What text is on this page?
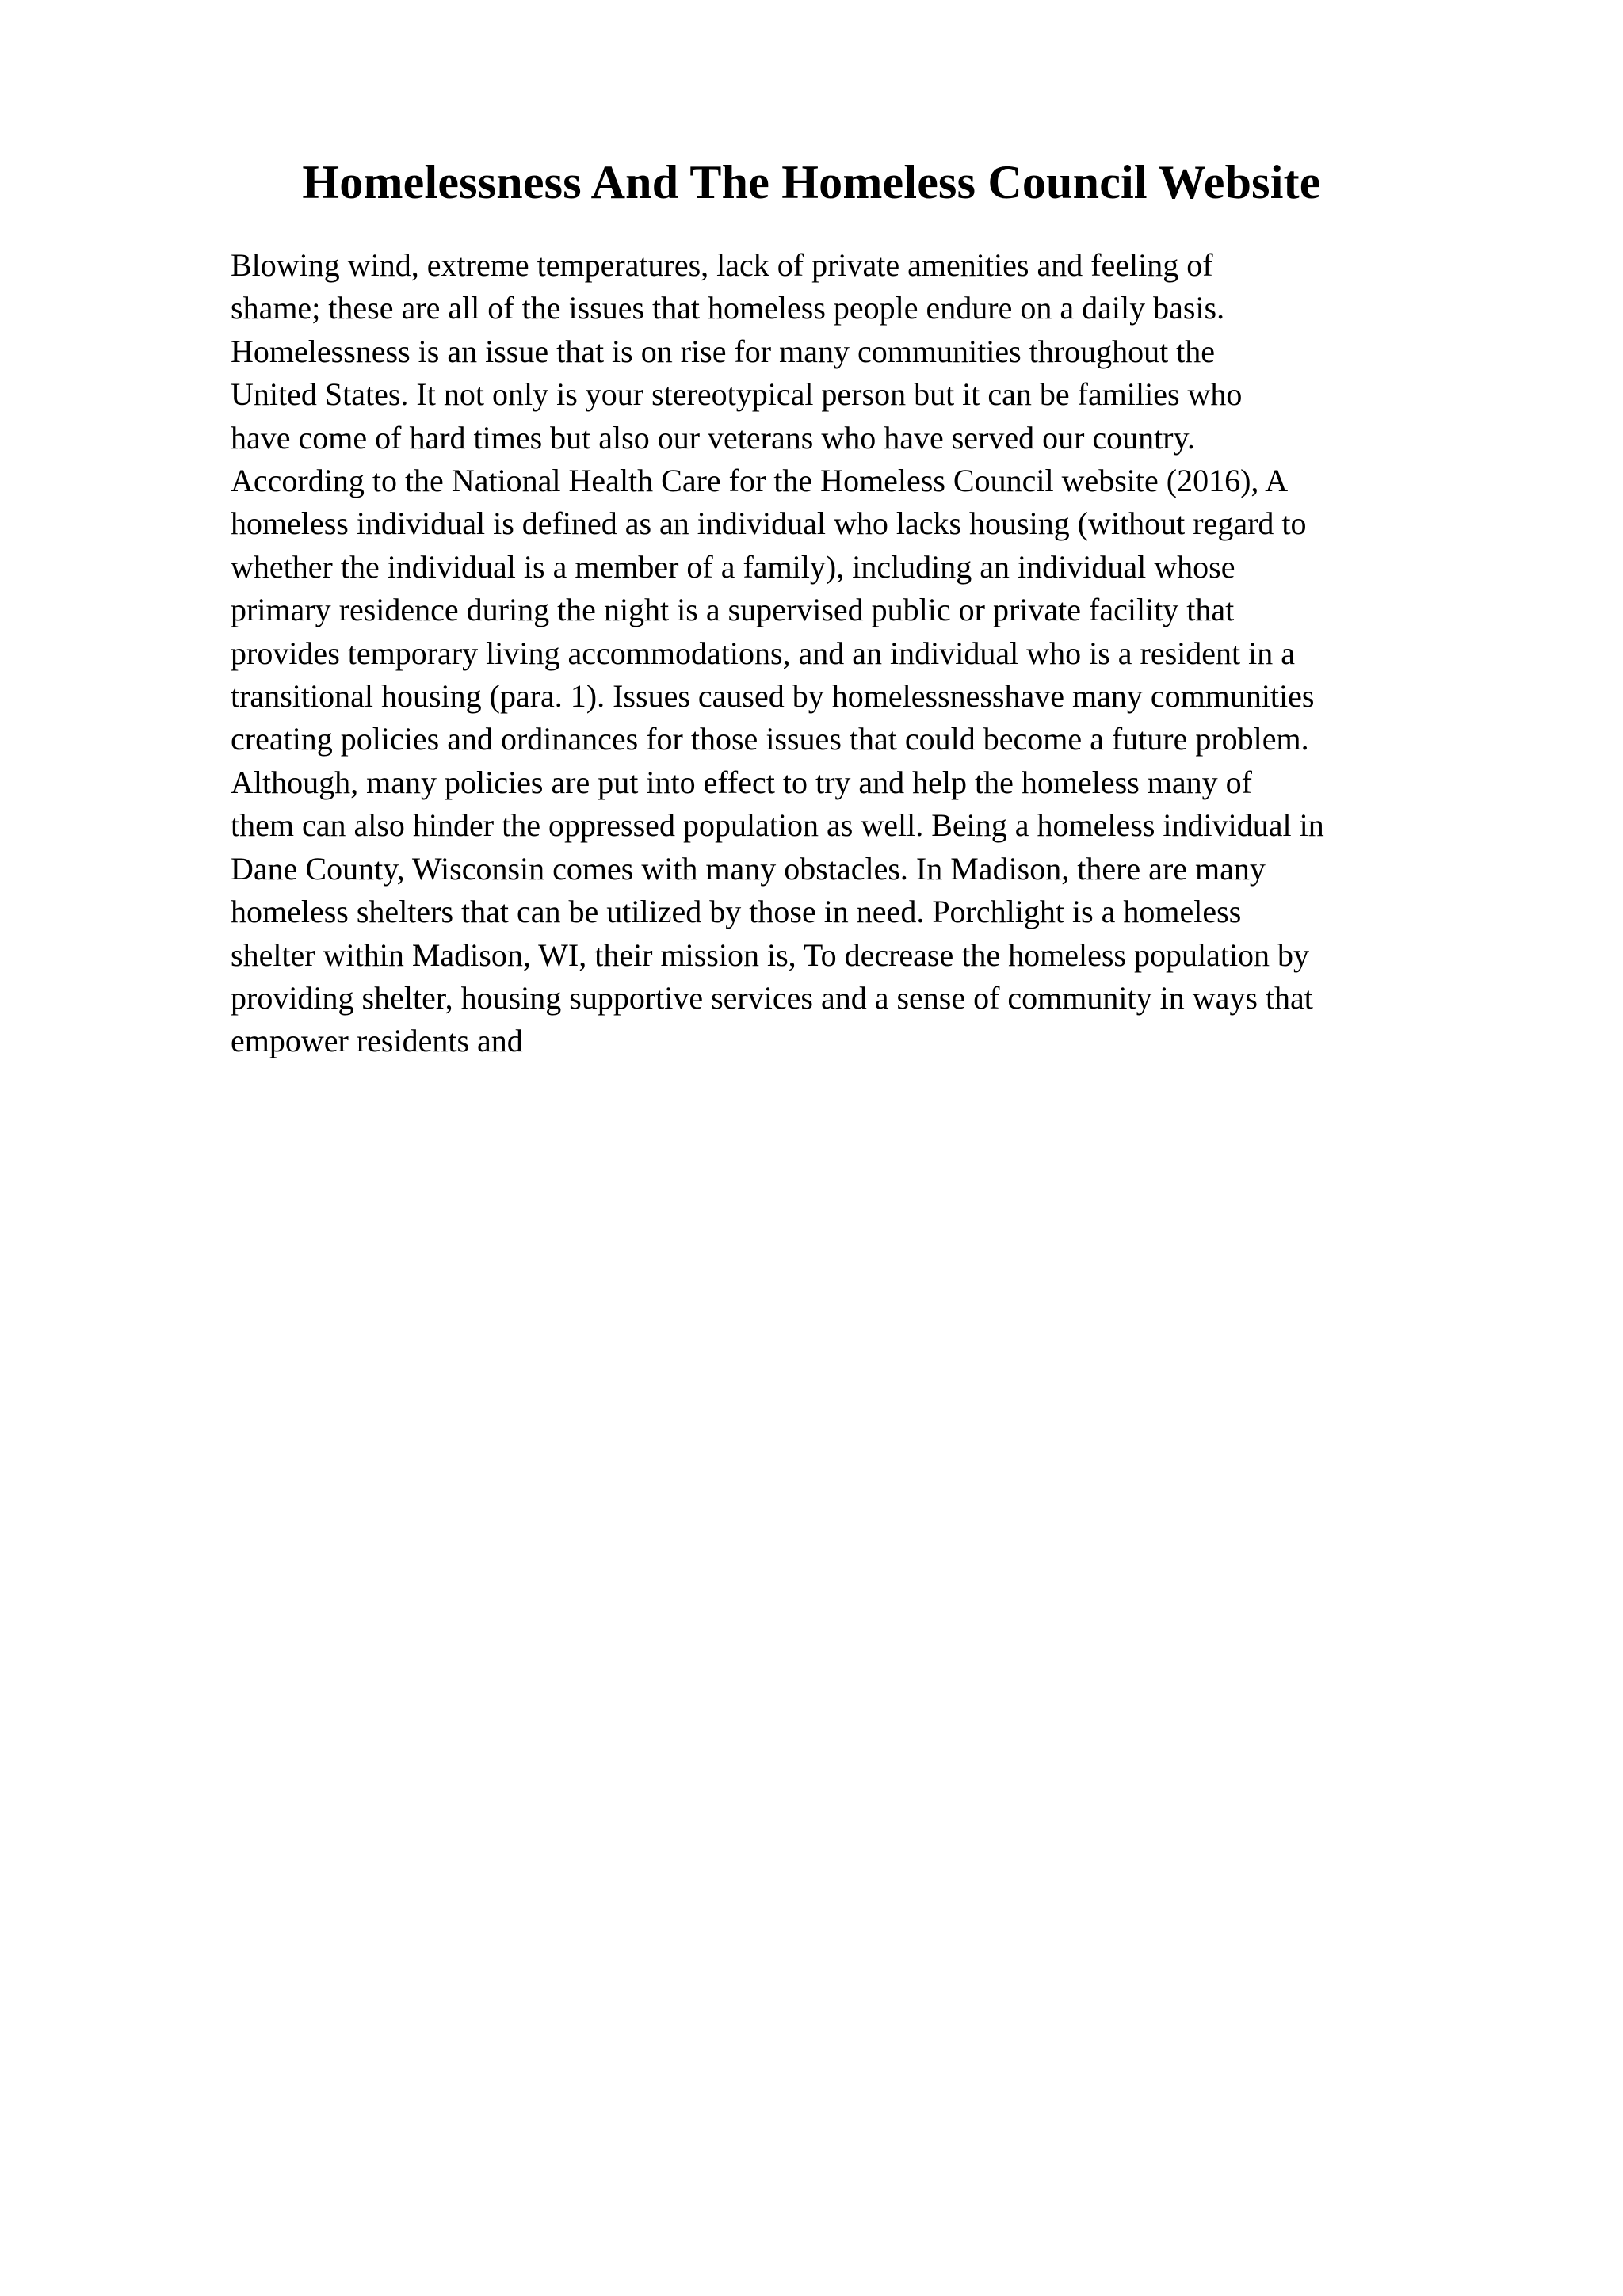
Homelessness And The Homeless Council Website
Blowing wind, extreme temperatures, lack of private amenities and feeling of
shame; these are all of the issues that homeless people endure on a daily basis.
Homelessness is an issue that is on rise for many communities throughout the
United States. It not only is your stereotypical person but it can be families who
have come of hard times but also our veterans who have served our country.
According to the National Health Care for the Homeless Council website (2016), A
homeless individual is defined as an individual who lacks housing (without regard to
whether the individual is a member of a family), including an individual whose
primary residence during the night is a supervised public or private facility that
provides temporary living accommodations, and an individual who is a resident in a
transitional housing (para. 1). Issues caused by homelessnesshave many communities
creating policies and ordinances for those issues that could become a future problem.
Although, many policies are put into effect to try and help the homeless many of
them can also hinder the oppressed population as well. Being a homeless individual in
Dane County, Wisconsin comes with many obstacles. In Madison, there are many
homeless shelters that can be utilized by those in need. Porchlight is a homeless
shelter within Madison, WI, their mission is, To decrease the homeless population by
providing shelter, housing supportive services and a sense of community in ways that
empower residents and
